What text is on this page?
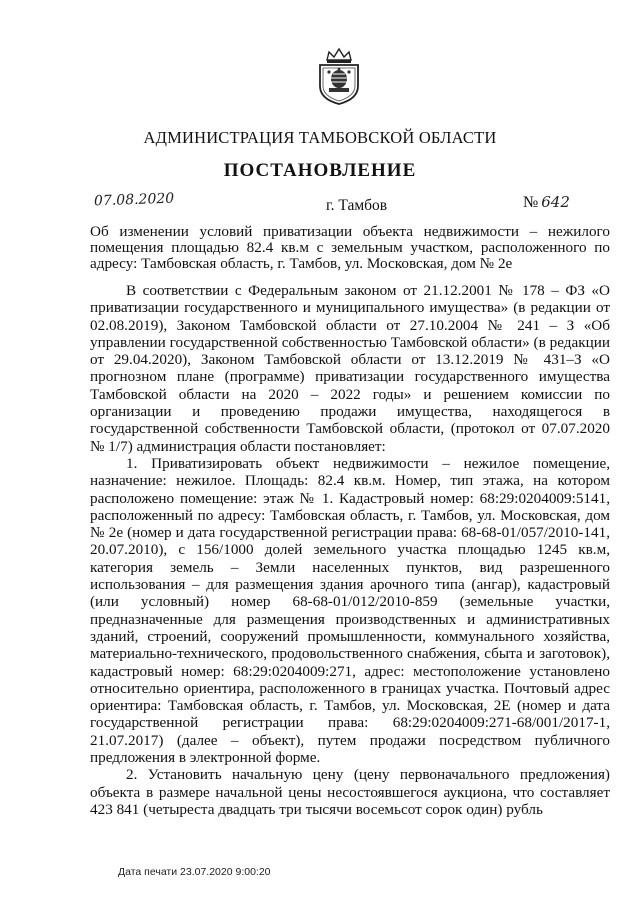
АДМИНИСТРАЦИЯ ТАМБОВСКОЙ ОБЛАСТИ
ПОСТАНОВЛЕНИЕ
07.08.2020	г. Тамбов	№ 642
Об изменении условий приватизации объекта недвижимости – нежилого помещения площадью 82.4 кв.м с земельным участком, расположенного по адресу: Тамбовская область, г. Тамбов, ул. Московская, дом № 2е

В соответствии с Федеральным законом от 21.12.2001 № 178 – ФЗ «О приватизации государственного и муниципального имущества» (в редакции от 02.08.2019), Законом Тамбовской области от 27.10.2004 № 241 – З «Об управлении государственной собственностью Тамбовской области» (в редакции от 29.04.2020), Законом Тамбовской области от 13.12.2019 № 431–З «О прогнозном плане (программе) приватизации государственного имущества Тамбовской области на 2020 – 2022 годы» и решением комиссии по организации и проведению продажи имущества, находящегося в государственной собственности Тамбовской области, (протокол от 07.07.2020 № 1/7) администрация области постановляет:

1. Приватизировать объект недвижимости – нежилое помещение, назначение: нежилое. Площадь: 82.4 кв.м. Номер, тип этажа, на котором расположено помещение: этаж № 1. Кадастровый номер: 68:29:0204009:5141, расположенный по адресу: Тамбовская область, г. Тамбов, ул. Московская, дом № 2е (номер и дата государственной регистрации права: 68-68-01/057/2010-141, 20.07.2010), с 156/1000 долей земельного участка площадью 1245 кв.м, категория земель – Земли населенных пунктов, вид разрешенного использования – для размещения здания арочного типа (ангар), кадастровый (или условный) номер 68-68-01/012/2010-859 (земельные участки, предназначенные для размещения производственных и административных зданий, строений, сооружений промышленности, коммунального хозяйства, материально-технического, продовольственного снабжения, сбыта и заготовок), кадастровый номер: 68:29:0204009:271, адрес: местоположение установлено относительно ориентира, расположенного в границах участка. Почтовый адрес ориентира: Тамбовская область, г. Тамбов, ул. Московская, 2Е (номер и дата государственной регистрации права: 68:29:0204009:271-68/001/2017-1, 21.07.2017) (далее – объект), путем продажи посредством публичного предложения в электронной форме.

2. Установить начальную цену (цену первоначального предложения) объекта в размере начальной цены несостоявшегося аукциона, что составляет 423 841 (четыреста двадцать три тысячи восемьсот сорок один) рубль

Дата печати 23.07.2020 9:00:20
